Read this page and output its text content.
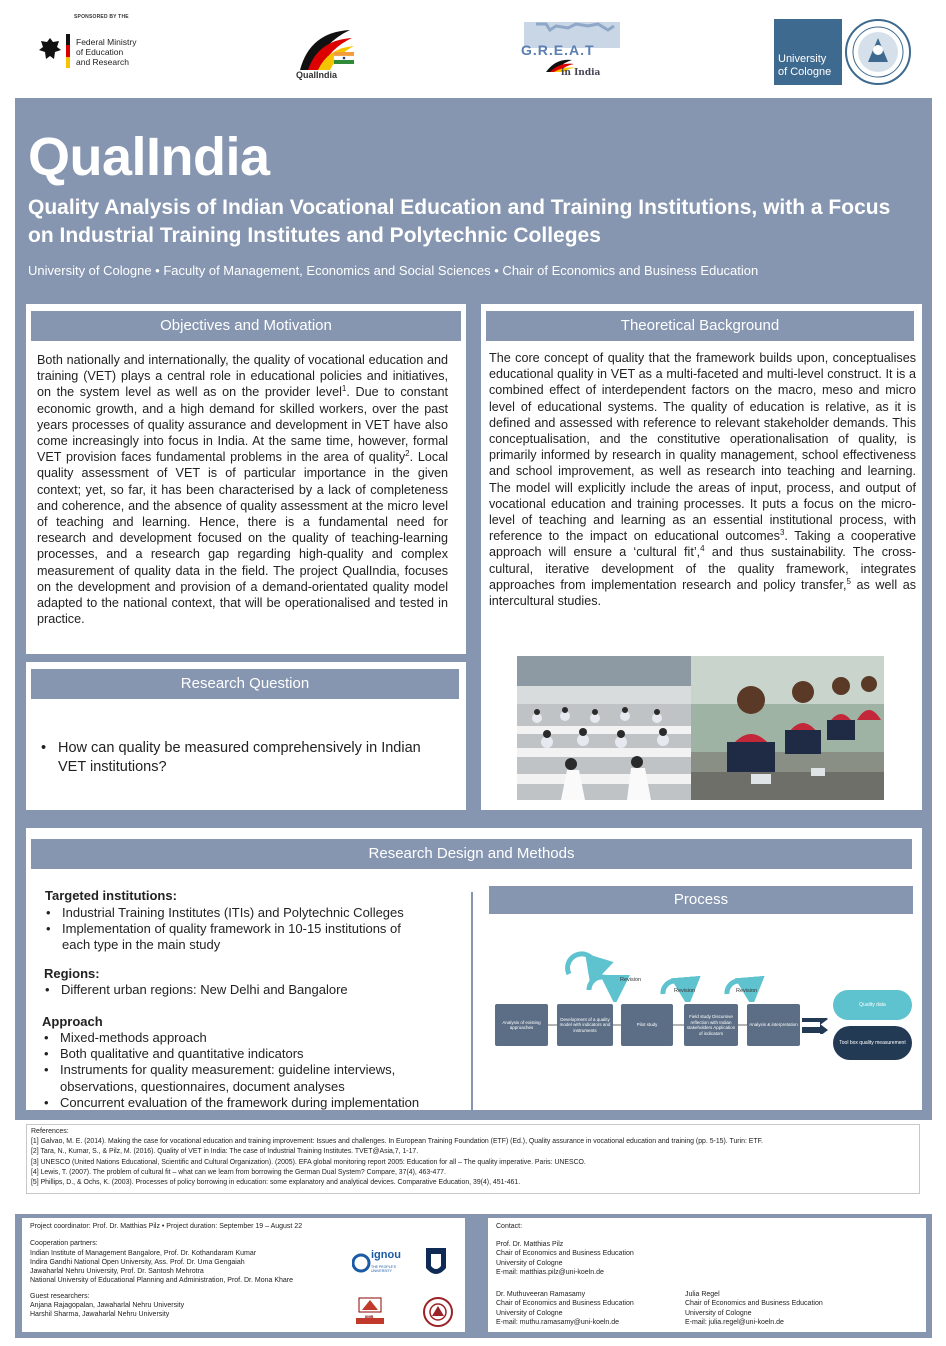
SPONSORED BY THE
Federal Ministry
of Education
and Research
QualIndia
G.R.E.A.T
in India
University
of Cologne
QualIndia
Quality Analysis of Indian Vocational Education and Training Institutions, with a Focus on Industrial Training Institutes and Polytechnic Colleges
University of Cologne • Faculty of Management, Economics and Social Sciences • Chair of Economics and Business Education
Objectives and Motivation
Both nationally and internationally, the quality of vocational education and training (VET) plays a central role in educational policies and initiatives, on the system level as well as on the provider level$^1$. Due to constant economic growth, and a high demand for skilled workers, over the past years processes of quality assurance and development in VET have also come increasingly into focus in India. At the same time, however, formal VET provision faces fundamental problems in the area of quality$^2$. Local quality assessment of VET is of particular importance in the given context; yet, so far, it has been characterised by a lack of completeness and coherence, and the absence of quality assessment at the micro level of teaching and learning. Hence, there is a fundamental need for research and development focused on the quality of teaching-learning processes, and a research gap regarding high-quality and complex measurement of quality data in the field. The project QualIndia, focuses on the development and provision of a demand-orientated quality model adapted to the national context, that will be operationalised and tested in practice.
Research Question
• How can quality be measured comprehensively in Indian VET institutions?
Theoretical Background
The core concept of quality that the framework builds upon, conceptualises educational quality in VET as a multi-faceted and multi-level construct. It is a combined effect of interdependent factors on the macro, meso and micro level of educational systems. The quality of education is relative, as it is defined and assessed with reference to relevant stakeholder demands. This conceptualisation, and the constitutive operationalisation of quality, is primarily informed by research in quality management, school effectiveness and school improvement, as well as research into teaching and learning. The model will explicitly include the areas of input, process, and output of vocational education and training processes. It puts a focus on the micro-level of teaching and learning as an essential institutional process, with reference to the impact on educational outcomes$^3$. Taking a cooperative approach will ensure a ‘cultural fit’,$^4$ and thus sustainability. The cross-cultural, iterative development of the quality framework, integrates approaches from implementation research and policy transfer,$^5$ as well as intercultural studies.
Research Design and Methods
Targeted institutions:
• Industrial Training Institutes (ITIs) and Polytechnic Colleges
• Implementation of quality framework in 10-15 institutions of each type in the main study
Regions:
• Different urban regions: New Delhi and Bangalore
Approach
• Mixed-methods approach
• Both qualitative and quantitative indicators
• Instruments for quality measurement: guideline interviews, observations, questionnaires, document analyses
• Concurrent evaluation of the framework during implementation
Process
Revision
Revision	Revision
Analysis of existing approaches
Development of a quality model with indicators and instruments
Pilot study
Field study Discursive reflection with Indian stakeholders Application of indicators
Analysis & interpretation
Quality data
Tool box quality measurement
References:
[1] Galvao, M. E. (2014). Making the case for vocational education and training improvement: Issues and challenges. In European Training Foundation (ETF) (Ed.), Quality assurance in vocational education and training (pp. 5-15). Turin: ETF.
[2] Tara, N., Kumar, S., & Pilz, M. (2016). Quality of VET in India: The case of Industrial Training Institutes. TVET@Asia,7, 1-17.
[3] UNESCO (United Nations Educational, Scientific and Cultural Organization). (2005). EFA global monitoring report 2005: Education for all – The quality imperative. Paris: UNESCO.
[4] Lewis, T. (2007). The problem of cultural fit – what can we learn from borrowing the German Dual System? Compare, 37(4), 463-477.
[5] Phillips, D., & Ochs, K. (2003). Processes of policy borrowing in education: some explanatory and analytical devices. Comparative Education, 39(4), 451-461.
Project coordinator: Prof. Dr. Matthias Pilz • Project duration: September 19 – August 22
Cooperation partners:
Indian Institute of Management Bangalore, Prof. Dr. Kothandaram Kumar
Indira Gandhi National Open University, Ass. Prof. Dr. Uma Gengaiah
Jawaharlal Nehru University, Prof. Dr. Santosh Mehrotra
National University of Educational Planning and Administration, Prof. Dr. Mona Khare
Guest researchers:
Anjana Rajagopalan, Jawaharlal Nehru University
Harshil Sharma, Jawaharlal Nehru University
ignou
THE PEOPLE'S UNIVERSITY
IIMB
Contact:
Prof. Dr. Matthias Pilz
Chair of Economics and Business Education
University of Cologne
E-mail: matthias.pilz@uni-koeln.de
Dr. Muthuveeran Ramasamy
Chair of Economics and Business Education
University of Cologne
E-mail: muthu.ramasamy@uni-koeln.de
Julia Regel
Chair of Economics and Business Education
University of Cologne
E-mail: julia.regel@uni-koeln.de
